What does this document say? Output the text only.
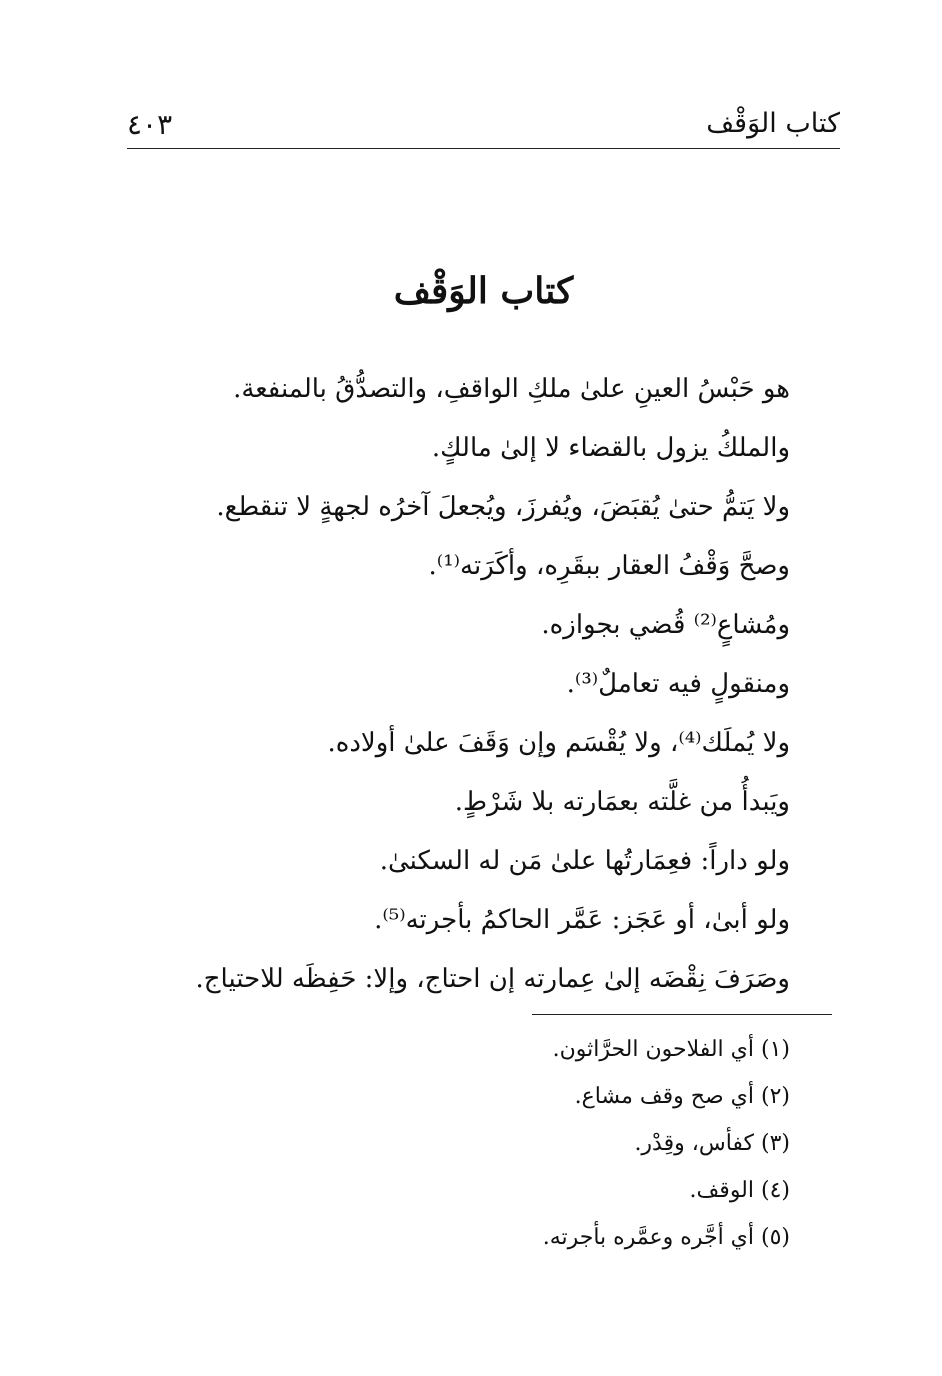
كتاب الوَقْف
٤٠٣
كتاب الوَقْف
هو حَبْسُ العينِ علىٰ ملكِ الواقفِ، والتصدُّقُ بالمنفعة.
والملكُ يزول بالقضاء لا إلىٰ مالكٍ.
ولا يَتمُّ حتىٰ يُقبَضَ، ويُفرزَ، ويُجعلَ آخرُه لجهةٍ لا تنقطع.
وصحَّ وَقْفُ العقار ببقَرِه، وأكَرَته⁽¹⁾.
ومُشاعٍ⁽²⁾ قُضي بجوازه.
ومنقولٍ فيه تعاملٌ⁽³⁾.
ولا يُملَك⁽⁴⁾، ولا يُقْسَم وإن وَقَفَ علىٰ أولاده.
ويَبدأُ من غلَّته بعمَارته بلا شَرْطٍ.
ولو داراً: فعِمَارتُها علىٰ مَن له السكنىٰ.
ولو أبىٰ، أو عَجَز: عَمَّر الحاكمُ بأجرته⁽⁵⁾.
وصَرَفَ نِقْضَه إلىٰ عِمارته إن احتاج، وإلا: حَفِظَه للاحتياج.
(١) أي الفلاحون الحرَّاثون.
(٢) أي صح وقف مشاع.
(٣) كفأس، وقِدْر.
(٤) الوقف.
(٥) أي أجَّره وعمَّره بأجرته.
